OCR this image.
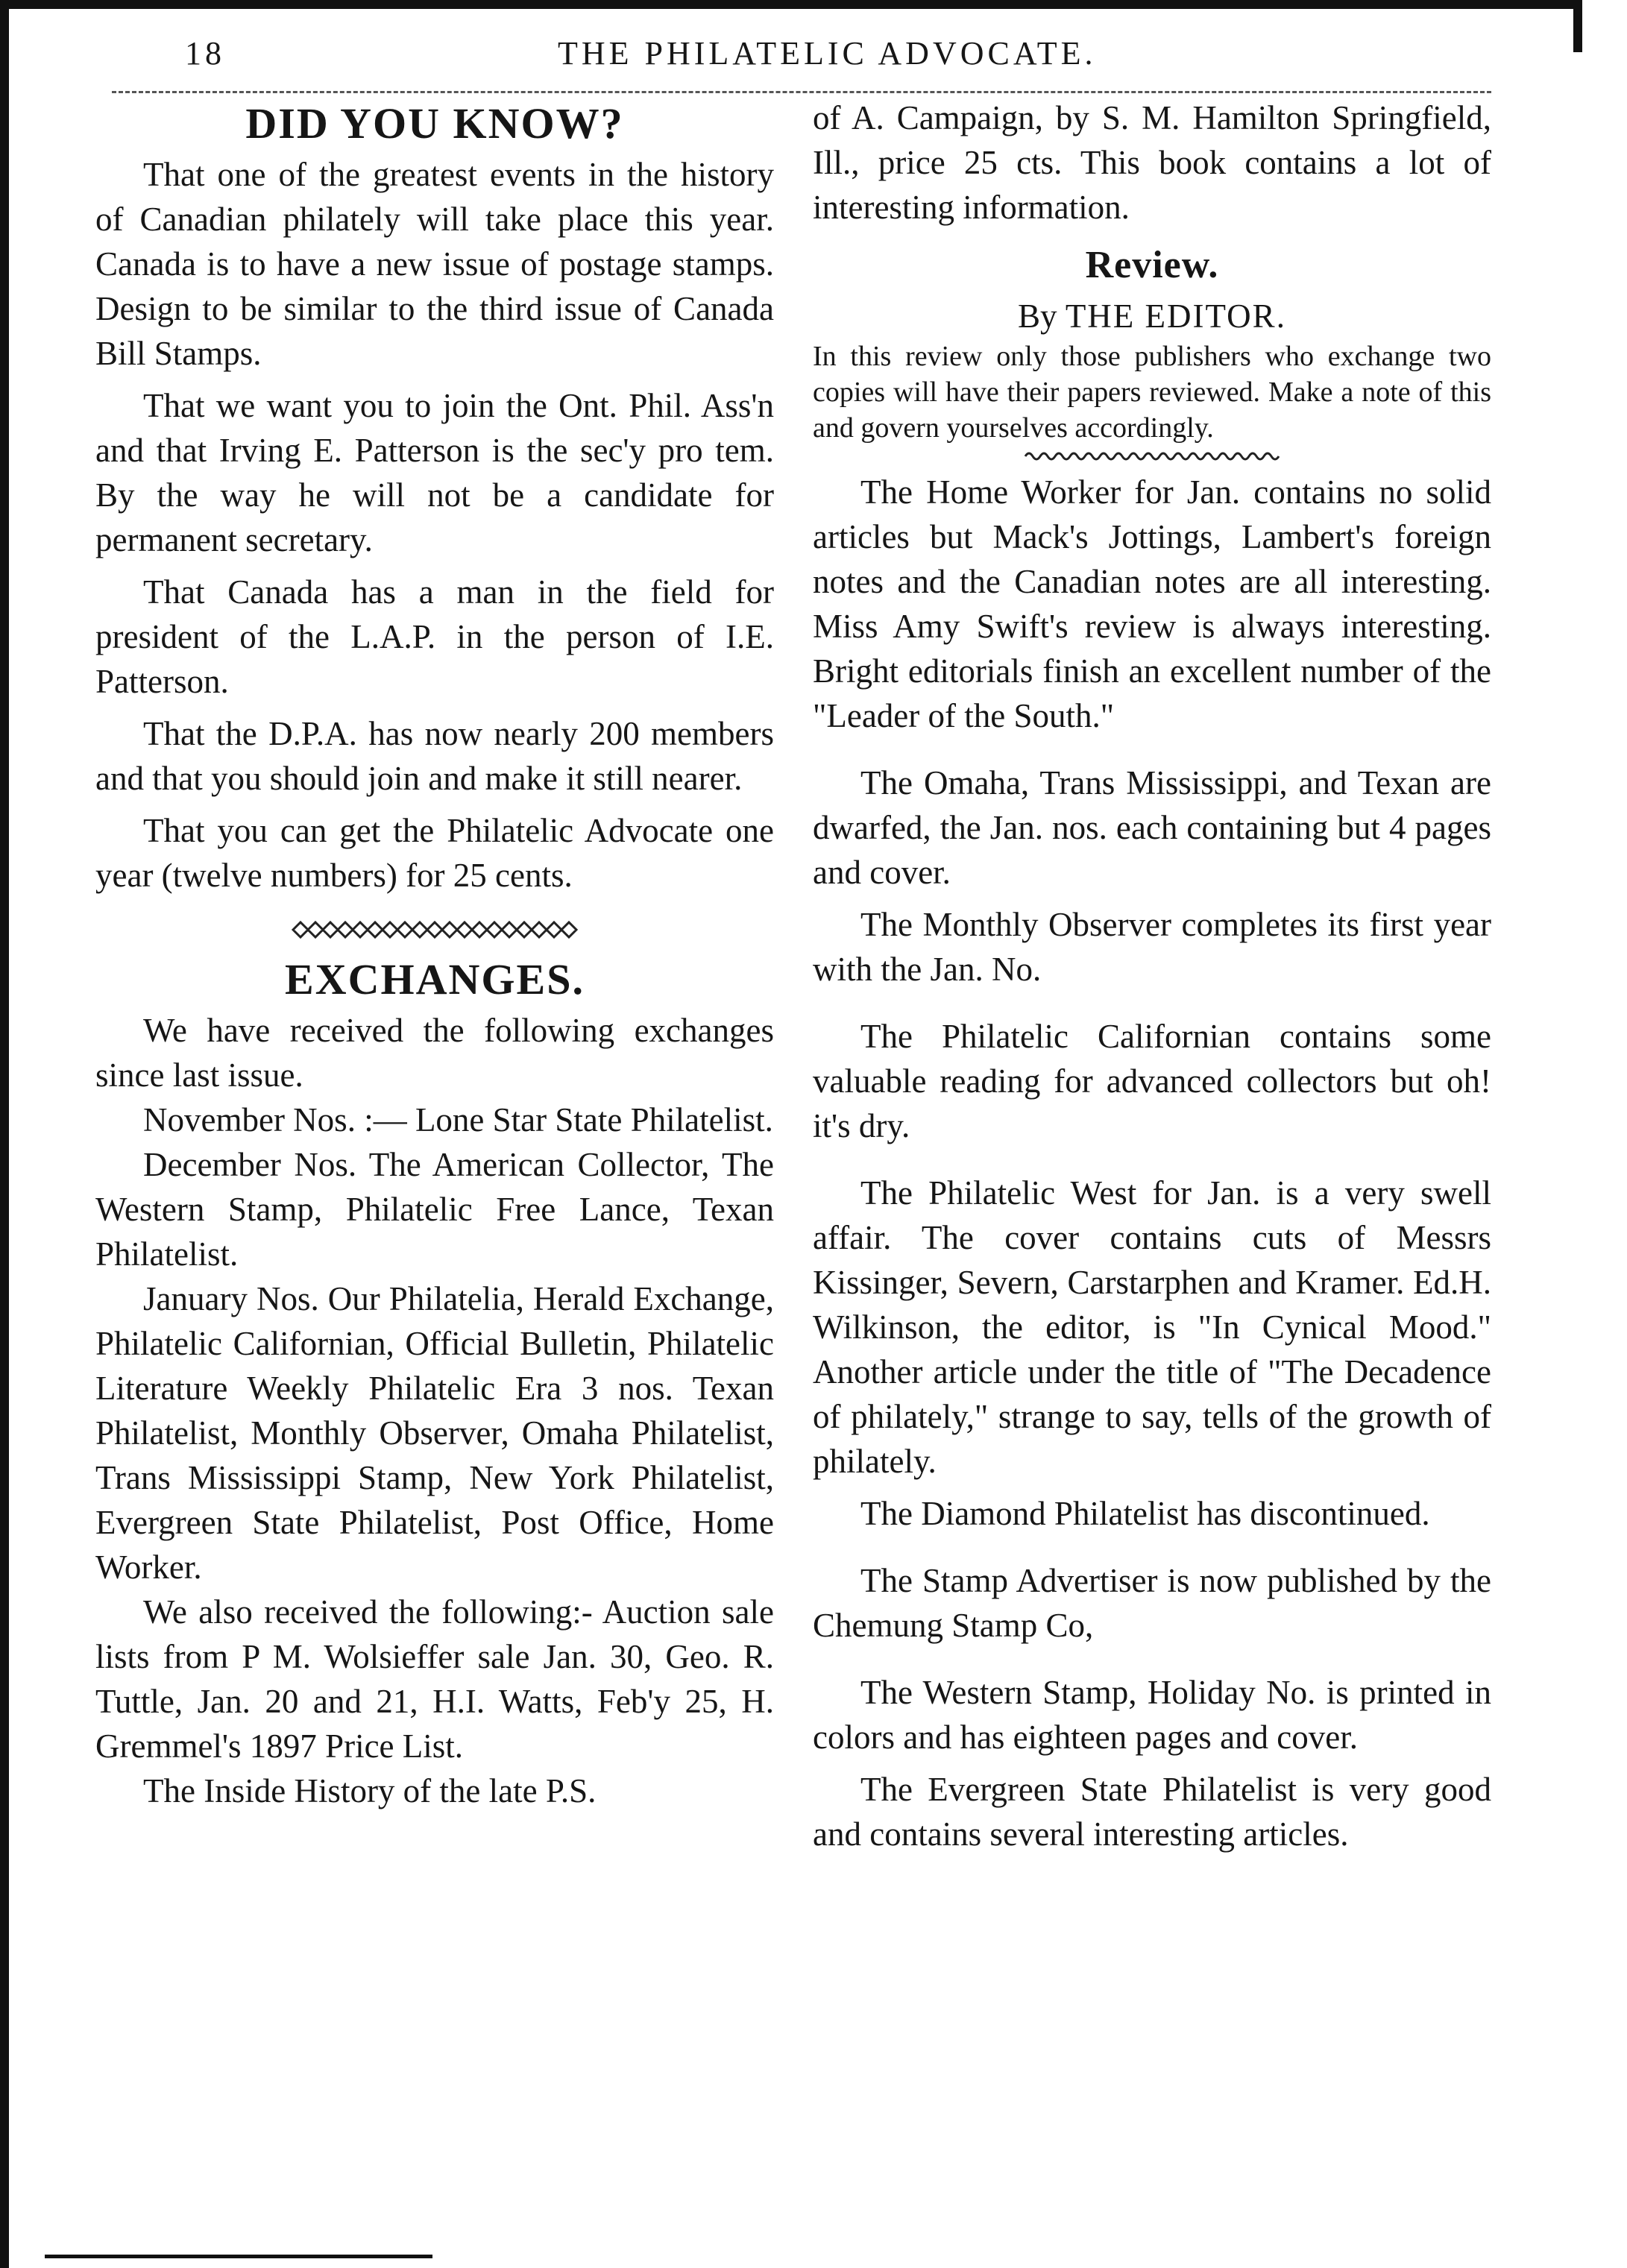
18	THE PHILATELIC ADVOCATE.
DID YOU KNOW?

That one of the greatest events in the history of Canadian philately will take place this year. Canada is to have a new issue of postage stamps. Design to be similar to the third issue of Canada Bill Stamps.

That we want you to join the Ont. Phil. Ass'n and that Irving E. Patterson is the sec'y pro tem. By the way he will not be a candidate for permanent secretary.

That Canada has a man in the field for president of the L.A.P. in the person of I.E. Patterson.

That the D.P.A. has now nearly 200 members and that you should join and make it still nearer.

That you can get the Philatelic Advocate one year (twelve numbers) for 25 cents.

EXCHANGES.

We have received the following exchanges since last issue.

November Nos. :— Lone Star State Philatelist.

December Nos. The American Collector, The Western Stamp, Philatelic Free Lance, Texan Philatelist.

January Nos. Our Philatelia, Herald Exchange, Philatelic Californian, Official Bulletin, Philatelic Literature Weekly Philatelic Era 3 nos. Texan Philatelist, Monthly Observer, Omaha Philatelist, Trans Mississippi Stamp, New York Philatelist, Evergreen State Philatelist, Post Office, Home Worker.

We also received the following:- Auction sale lists from P M. Wolsieffer sale Jan. 30, Geo. R. Tuttle, Jan. 20 and 21, H.I. Watts, Feb'y 25, H. Gremmel's 1897 Price List.

The Inside History of the late P.S.

of A. Campaign, by S. M. Hamilton Springfield, Ill., price 25 cts. This book contains a lot of interesting information.

Review.

By THE EDITOR.

In this review only those publishers who exchange two copies will have their papers reviewed. Make a note of this and govern yourselves accordingly.

The Home Worker for Jan. contains no solid articles but Mack's Jottings, Lambert's foreign notes and the Canadian notes are all interesting. Miss Amy Swift's review is always interesting. Bright editorials finish an excellent number of the "Leader of the South."

The Omaha, Trans Mississippi, and Texan are dwarfed, the Jan. nos. each containing but 4 pages and cover.

The Monthly Observer completes its first year with the Jan. No.

The Philatelic Californian contains some valuable reading for advanced collectors but oh! it's dry.

The Philatelic West for Jan. is a very swell affair. The cover contains cuts of Messrs Kissinger, Severn, Carstarphen and Kramer. Ed.H. Wilkinson, the editor, is "In Cynical Mood." Another article under the title of "The Decadence of philately," strange to say, tells of the growth of philately.

The Diamond Philatelist has discontinued.

The Stamp Advertiser is now published by the Chemung Stamp Co,

The Western Stamp, Holiday No. is printed in colors and has eighteen pages and cover.

The Evergreen State Philatelist is very good and contains several interesting articles.
